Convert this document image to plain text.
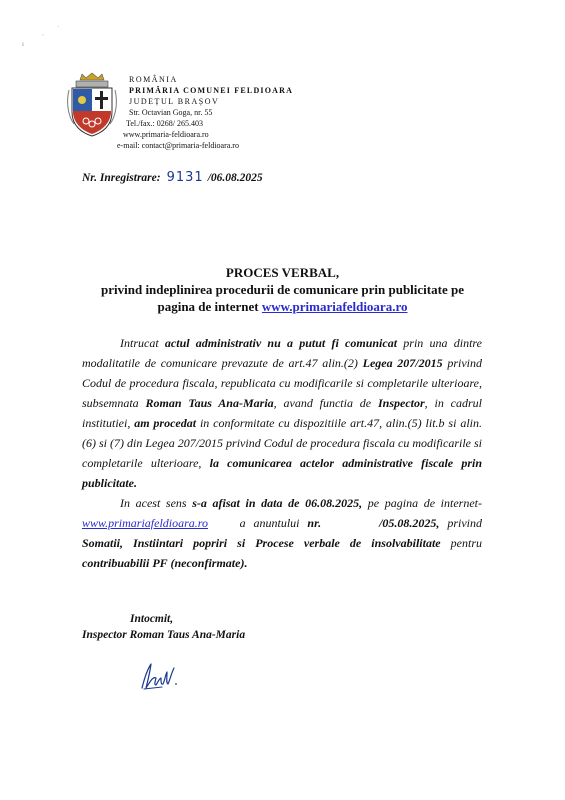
ı
ˎ ˙
ROMÂNIA
PRIMĂRIA COMUNEI FELDIOARA
JUDEȚUL BRAȘOV
Str. Octavian Goga, nr. 55
Tel./fax.: 0268/ 265.403
www.primaria-feldioara.ro
e-mail: contact@primaria-feldioara.ro
Nr. Inregistrare: 9131 /06.08.2025
PROCES VERBAL,
privind indeplinirea procedurii de comunicare prin publicitate pe
pagina de internet www.primariafeldioara.ro

Intrucat actul administrativ nu a putut fi comunicat prin una dintre modalitatile de comunicare prevazute de art.47 alin.(2) Legea 207/2015 privind Codul de procedura fiscala, republicata cu modificarile si completarile ulterioare, subsemnata Roman Taus Ana-Maria, avand functia de Inspector, in cadrul institutiei, am procedat in conformitate cu dispozitiile art.47, alin.(5) lit.b si alin.(6) si (7) din Legea 207/2015 privind Codul de procedura fiscala cu modificarile si completarile ulterioare, la comunicarea actelor administrative fiscale prin publicitate.

In acest sens s-a afisat in data de 06.08.2025, pe pagina de internet- www.primariafeldioara.ro	a anuntului nr.	/05.08.2025, privind Somatii, Instiintari popriri si Procese verbale de insolvabilitate pentru contribuabilii PF (neconfirmate).

Intocmit,
Inspector Roman Taus Ana-Maria
